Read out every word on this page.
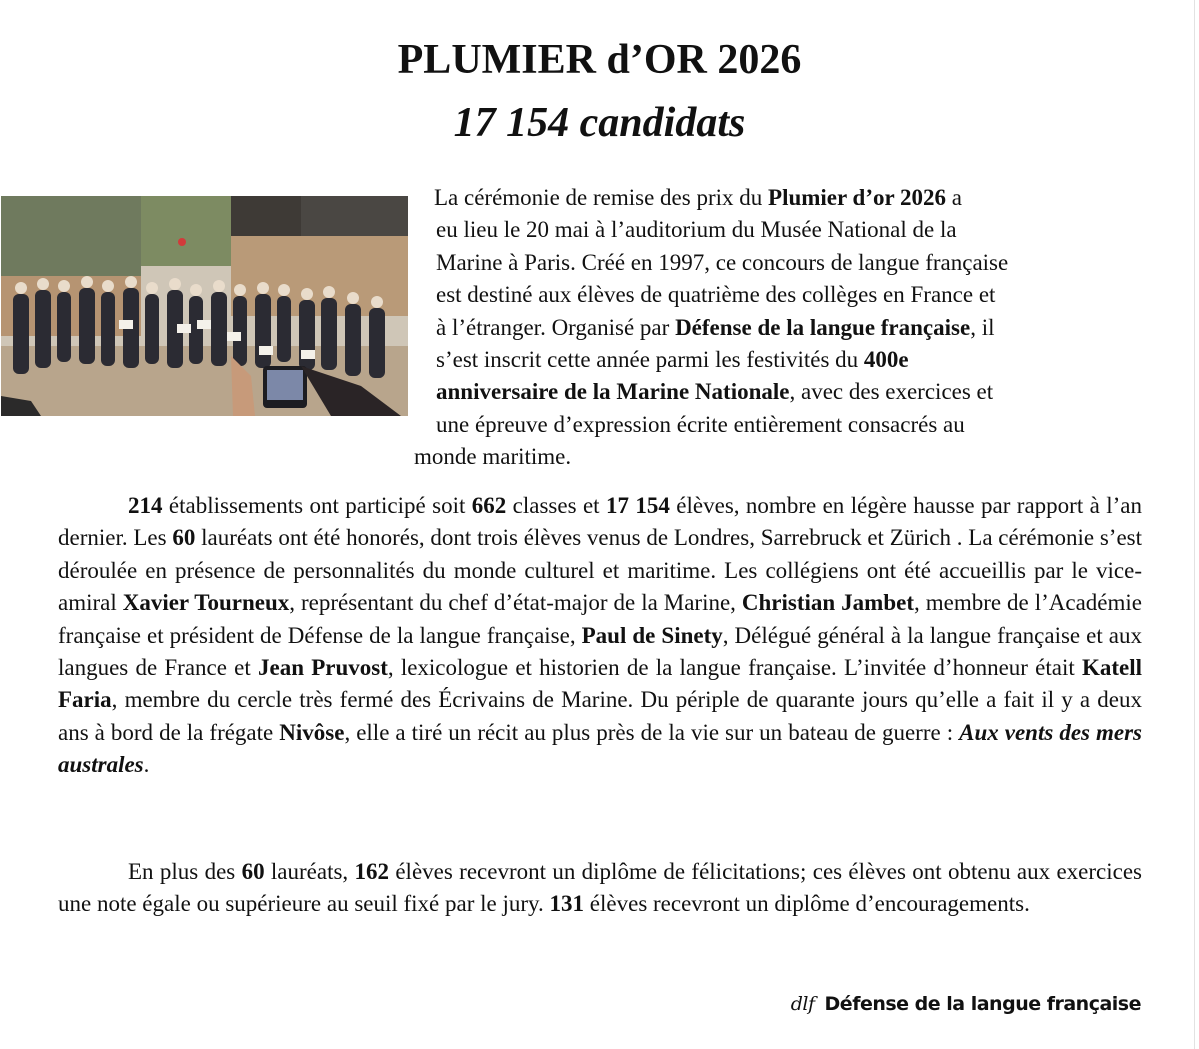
PLUMIER d’OR 2026
17 154 candidats

La cérémonie de remise des prix du Plumier d’or 2026 a
eu lieu le 20 mai à l’auditorium du Musée National de la
Marine à Paris. Créé en 1997, ce concours de langue française
est destiné aux élèves de quatrième des collèges en France et
à l’étranger. Organisé par Défense de la langue française, il
s’est inscrit cette année parmi les festivités du 400e
anniversaire de la Marine Nationale, avec des exercices et
une épreuve d’expression écrite entièrement consacrés au
monde maritime.

214 établissements ont participé soit 662 classes et 17 154 élèves, nombre en légère hausse par rapport à l’an dernier. Les 60 lauréats ont été honorés, dont trois élèves venus de Londres, Sarrebruck et Zürich . La cérémonie s’est déroulée en présence de personnalités du monde culturel et maritime. Les collégiens ont été accueillis par le vice-amiral Xavier Tourneux, représentant du chef d’état-major de la Marine, Christian Jambet, membre de l’Académie française et président de Défense de la langue française, Paul de Sinety, Délégué général à la langue française et aux langues de France et Jean Pruvost, lexicologue et historien de la langue française. L’invitée d’honneur était Katell Faria, membre du cercle très fermé des Écrivains de Marine. Du périple de quarante jours qu’elle a fait il y a deux ans à bord de la frégate Nivôse, elle a tiré un récit au plus près de la vie sur un bateau de guerre : Aux vents des mers australes.

En plus des 60 lauréats, 162 élèves recevront un diplôme de félicitations; ces élèves ont obtenu aux exercices une note égale ou supérieure au seuil fixé par le jury. 131 élèves recevront un diplôme d’encouragements.

dlf Défense de la langue française
